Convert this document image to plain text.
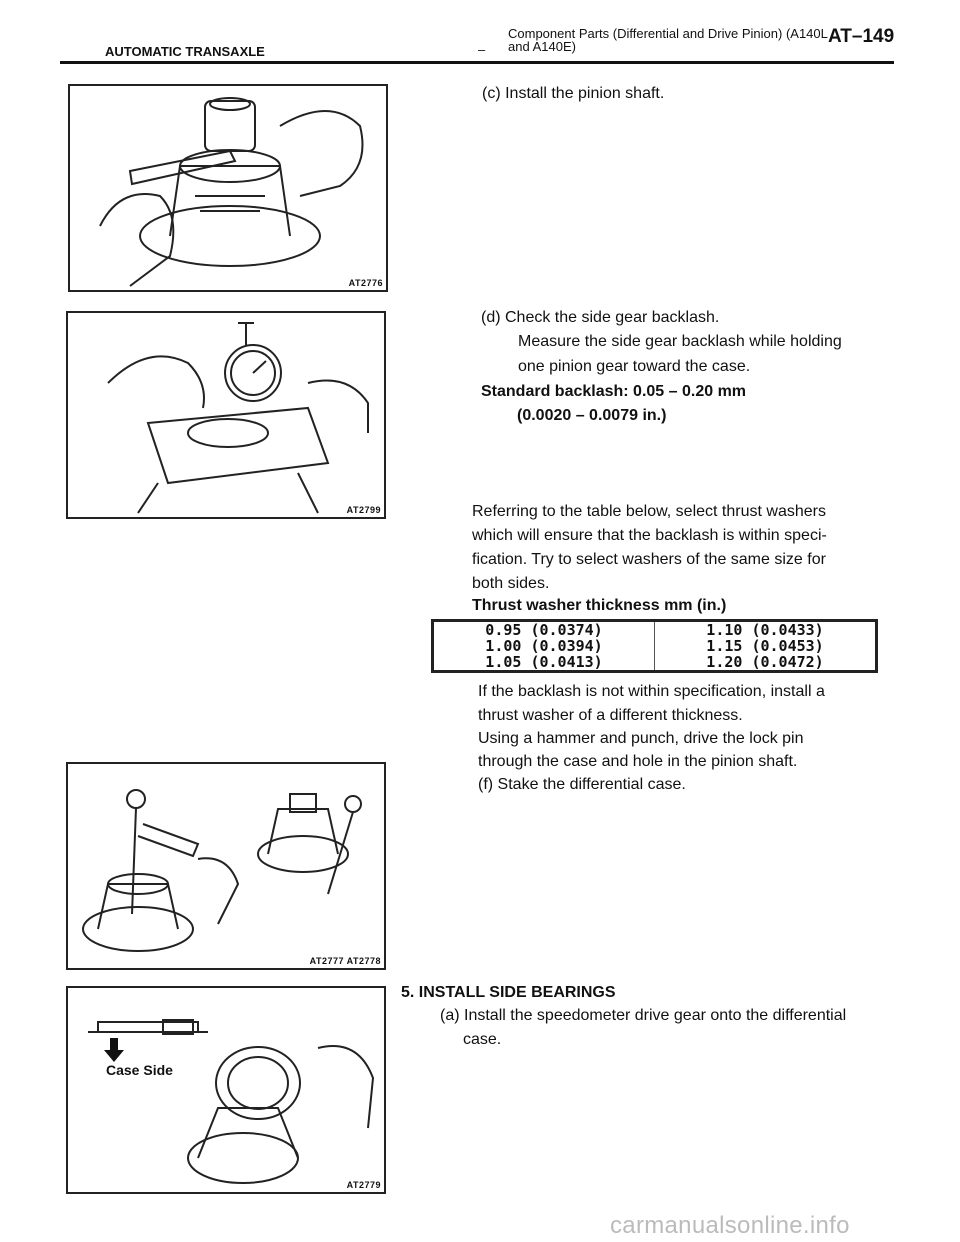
AUTOMATIC TRANSAXLE	–
Component Parts (Differential and Drive Pinion) (A140L and A140E)	AT–149
AT2776
AT2799
AT2777 AT2778
Case Side
AT2779
(c) Install the pinion shaft.
(d) Check the side gear backlash.
Measure the side gear backlash while holding
one pinion gear toward the case.
Standard backlash: 0.05 – 0.20 mm
(0.0020 – 0.0079 in.)
Referring to the table below, select thrust washers
which will ensure that the backlash is within speci-
fication. Try to select washers of the same size for
both sides.
Thrust washer thickness mm (in.)
0.95 (0.0374)
1.00 (0.0394)
1.05 (0.0413)
1.10 (0.0433)
1.15 (0.0453)
1.20 (0.0472)
If the backlash is not within specification, install a
thrust washer of a different thickness.
Using a hammer and punch, drive the lock pin
through the case and hole in the pinion shaft.
(f) Stake the differential case.
5. INSTALL SIDE BEARINGS
(a) Install the speedometer drive gear onto the differential
case.
carmanualsonline.info
